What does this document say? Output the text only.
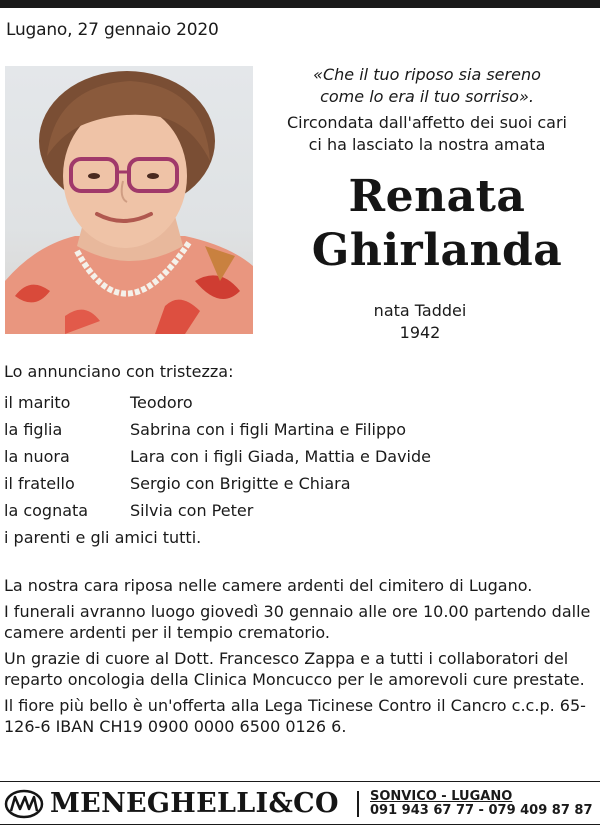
Lugano, 27 gennaio 2020
«Che il tuo riposo sia sereno
come lo era il tuo sorriso».
Circondata dall'affetto dei suoi cari
ci ha lasciato la nostra amata
Renata
Ghirlanda
nata Taddei
1942
Lo annunciano con tristezza:
il marito	Teodoro
la figlia	Sabrina con i figli Martina e Filippo
la nuora	Lara con i figli Giada, Mattia e Davide
il fratello	Sergio con Brigitte e Chiara
la cognata	Silvia con Peter
i parenti e gli amici tutti.

La nostra cara riposa nelle camere ardenti del cimitero di Lugano.

I funerali avranno luogo giovedì 30 gennaio alle ore 10.00 partendo dalle camere ardenti per il tempio crematorio.

Un grazie di cuore al Dott. Francesco Zappa e a tutti i collaboratori del reparto oncologia della Clinica Moncucco per le amorevoli cure prestate.

Il fiore più bello è un'offerta alla Lega Ticinese Contro il Cancro c.c.p. 65-126-6 IBAN CH19 0900 0000 6500 0126 6.

MENEGHELLI&CO SONVICO - LUGANO
091 943 67 77 - 079 409 87 87
